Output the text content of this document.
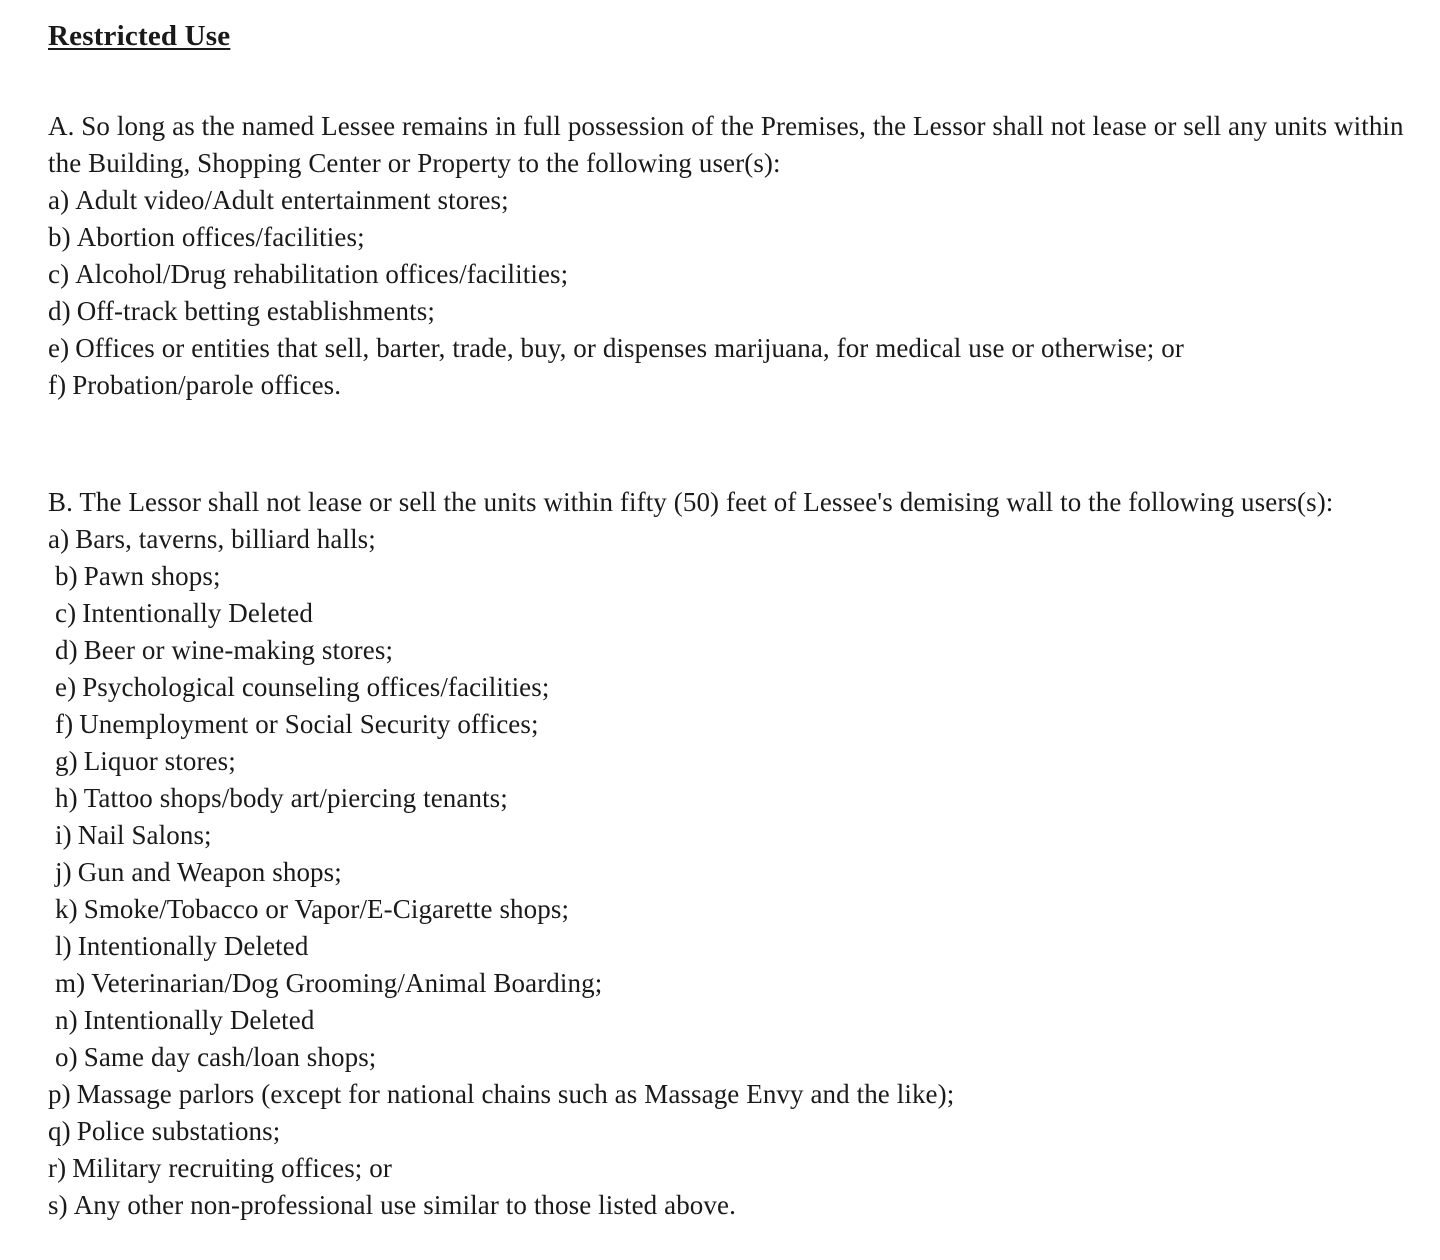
Restricted Use

A. So long as the named Lessee remains in full possession of the Premises, the Lessor shall not lease or sell any units within the Building, Shopping Center or Property to the following user(s):

a) Adult video/Adult entertainment stores;
b) Abortion offices/facilities;
c) Alcohol/Drug rehabilitation offices/facilities;
d) Off-track betting establishments;
e) Offices or entities that sell, barter, trade, buy, or dispenses marijuana, for medical use or otherwise; or
f) Probation/parole offices.

B. The Lessor shall not lease or sell the units within fifty (50) feet of Lessee's demising wall to the following users(s):

a) Bars, taverns, billiard halls;
b) Pawn shops;
c) Intentionally Deleted
d) Beer or wine-making stores;
e) Psychological counseling offices/facilities;
f) Unemployment or Social Security offices;
g) Liquor stores;
h) Tattoo shops/body art/piercing tenants;
i) Nail Salons;
j) Gun and Weapon shops;
k) Smoke/Tobacco or Vapor/E-Cigarette shops;
l) Intentionally Deleted
m) Veterinarian/Dog Grooming/Animal Boarding;
n) Intentionally Deleted
o) Same day cash/loan shops;
p) Massage parlors (except for national chains such as Massage Envy and the like);
q) Police substations;
r) Military recruiting offices; or
s) Any other non-professional use similar to those listed above.
